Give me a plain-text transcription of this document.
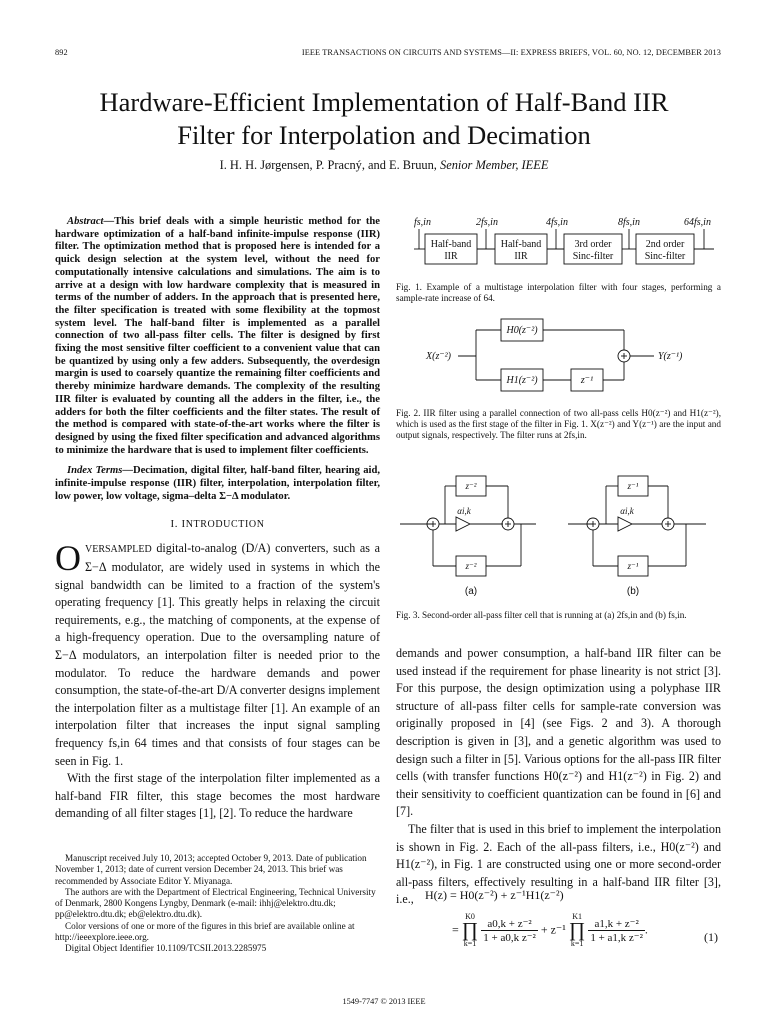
892	IEEE TRANSACTIONS ON CIRCUITS AND SYSTEMS—II: EXPRESS BRIEFS, VOL. 60, NO. 12, DECEMBER 2013
Hardware-Efficient Implementation of Half-Band IIR
Filter for Interpolation and Decimation
I. H. H. Jørgensen, P. Pracný, and E. Bruun, Senior Member, IEEE

Abstract—This brief deals with a simple heuristic method for the hardware optimization of a half-band infinite-impulse response (IIR) filter. The optimization method that is proposed here is intended for a quick design selection at the system level, without the need for computationally intensive calculations and simulations. The aim is to arrive at a design with low hardware complexity that is measured in terms of the number of adders. In the approach that is presented here, the filter specification is treated with some flexibility at the topmost system level. The half-band filter is implemented as a parallel connection of two all-pass filter cells. The filter is designed by first fixing the most sensitive filter coefficient to a convenient value that can be quantized by using only a few adders. Subsequently, the overdesign margin is used to coarsely quantize the remaining filter coefficients and thereby minimize hardware demands. The complexity of the resulting IIR filter is evaluated by counting all the adders in the filter, i.e., the adders for both the filter coefficients and the filter states. The result of the method is compared with state-of-the-art works where the filter is designed by using the fixed filter specification and advanced algorithms to minimize the hardware that is used to implement filter coefficients.

Index Terms—Decimation, digital filter, half-band filter, hearing aid, infinite-impulse response (IIR) filter, interpolation, interpolation filter, low power, low voltage, sigma–delta Σ−Δ modulator.

I. INTRODUCTION

OVERSAMPLED digital-to-analog (D/A) converters, such as a Σ−Δ modulator, are widely used in systems in which the signal bandwidth can be limited to a fraction of the system's operating frequency [1]. This greatly helps in relaxing the circuit requirements, e.g., the matching of components, at the expense of a high-frequency operation. Due to the oversampling nature of Σ−Δ modulators, an interpolation filter is needed prior to the modulator. To reduce the hardware demands and power consumption, the state-of-the-art D/A converter designs implement the interpolation filter as a multistage filter [1]. An example of an interpolation filter that increases the input signal sampling frequency fs,in 64 times and that consists of four stages can be seen in Fig. 1.

With the first stage of the interpolation filter implemented as a half-band FIR filter, this stage becomes the most hardware demanding of all filter stages [1], [2]. To reduce the hardware

Manuscript received July 10, 2013; accepted October 9, 2013. Date of publication November 1, 2013; date of current version December 24, 2013. This brief was recommended by Associate Editor Y. Miyanaga.

The authors are with the Department of Electrical Engineering, Technical University of Denmark, 2800 Kongens Lyngby, Denmark (e-mail: ihhj@elektro.dtu.dk; pp@elektro.dtu.dk; eb@elektro.dtu.dk).

Color versions of one or more of the figures in this brief are available online at http://ieeexplore.ieee.org.

Digital Object Identifier 10.1109/TCSII.2013.2285975

fs,in	2fs,in	4fs,in	8fs,in	64fs,in
Half-band
IIR
Half-band
IIR
3rd order
Sinc-filter
2nd order
Sinc-filter
Fig. 1. Example of a multistage interpolation filter with four stages, performing a sample-rate increase of 64.
X(z⁻²)	Y(z⁻¹)
H0(z⁻²)
H1(z⁻²)	z⁻¹
Fig. 2. IIR filter using a parallel connection of two all-pass cells H0(z⁻²) and H1(z⁻²), which is used as the first stage of the filter in Fig. 1. X(z⁻²) and Y(z⁻¹) are the input and output signals, respectively. The filter runs at 2fs,in.
z⁻²
z⁻²
αi,k
z⁻¹
z⁻¹
αi,k
(a)	(b)
Fig. 3. Second-order all-pass filter cell that is running at (a) 2fs,in and (b) fs,in.

demands and power consumption, a half-band IIR filter can be used instead if the requirement for phase linearity is not strict [3]. For this purpose, the design optimization using a polyphase IIR structure of all-pass filter cells for sample-rate conversion was originally proposed in [4] (see Figs. 2 and 3). A thorough description is given in [3], and a genetic algorithm was used to design such a filter in [5]. Various options for the all-pass IIR filter cells (with transfer functions H0(z⁻²) and H1(z⁻²) in Fig. 2) and their sensitivity to coefficient quantization can be found in [6] and [7].

The filter that is used in this brief to implement the interpolation is shown in Fig. 2. Each of the all-pass filters, i.e., H0(z⁻²) and H1(z⁻²), in Fig. 1 are constructed using one or more second-order all-pass filters, effectively resulting in a half-band IIR filter [3], i.e., H(z) = H0(z⁻²) + z⁻¹H1(z⁻²)
=
K0
∏
k=1
$\frac{\text{a0,k + z⁻²}}{\text{1 + a0,k z⁻²}} + z^{-1}$
K1
∏
k=1
$\frac{\text{a1,k + z⁻²}}{\text{1 + a1,k z⁻²}}$ .
(1)
1549-7747 © 2013 IEEE
